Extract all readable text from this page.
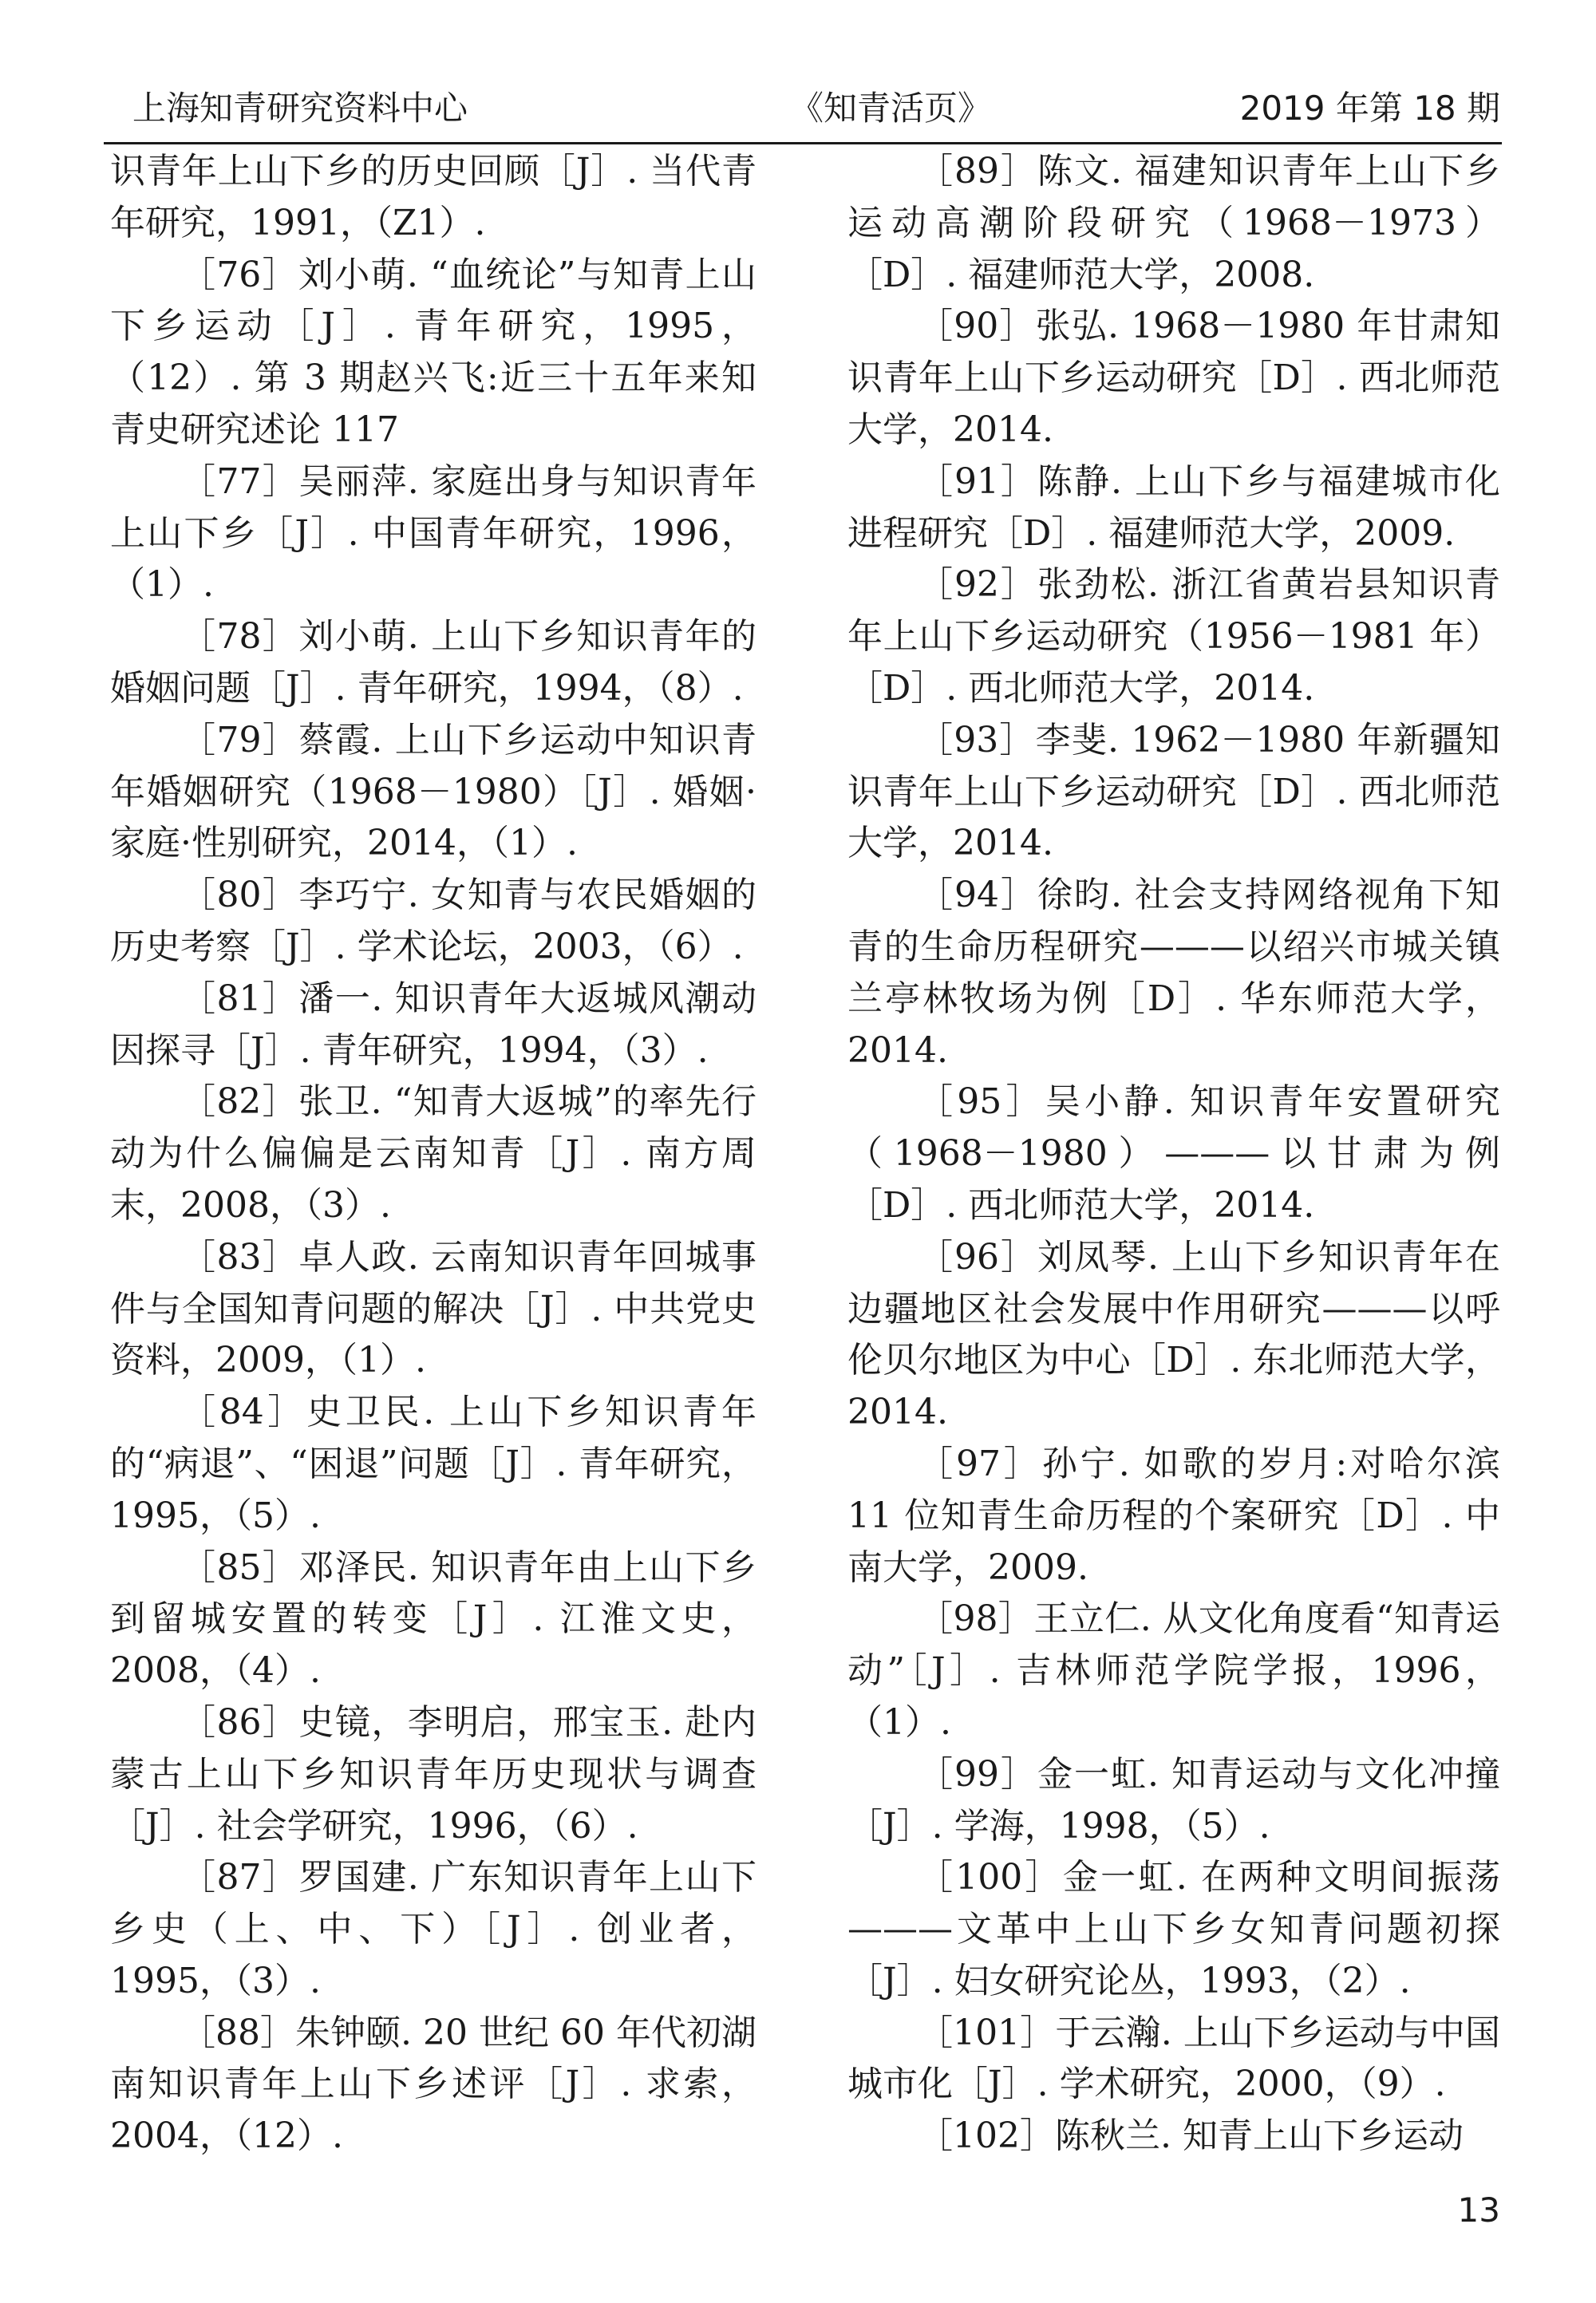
上海知青研究资料中心	《知青活页》	2019 年第 18 期

识青年上山下乡的历史回顾［J］. 当代青年研究，1991，（Z1）.

［76］刘小萌. “血统论”与知青上山下乡运动［J］. 青年研究，1995，（12）. 第 3 期赵兴飞:近三十五年来知青史研究述论 117

［77］吴丽萍. 家庭出身与知识青年上山下乡［J］. 中国青年研究，1996，（1）.

［78］刘小萌. 上山下乡知识青年的婚姻问题［J］. 青年研究，1994，（8）.

［79］蔡霞. 上山下乡运动中知识青年婚姻研究（1968－1980）［J］. 婚姻·家庭·性别研究，2014，（1）.

［80］李巧宁. 女知青与农民婚姻的历史考察［J］. 学术论坛，2003，（6）.

［81］潘一. 知识青年大返城风潮动因探寻［J］. 青年研究，1994，（3）.

［82］张卫. “知青大返城”的率先行动为什么偏偏是云南知青［J］. 南方周末，2008，（3）.

［83］卓人政. 云南知识青年回城事件与全国知青问题的解决［J］. 中共党史资料，2009，（1）.

［84］史卫民. 上山下乡知识青年的“病退”、“困退”问题［J］. 青年研究，1995，（5）.

［85］邓泽民. 知识青年由上山下乡到留城安置的转变［J］. 江淮文史，2008，（4）.

［86］史镜，李明启，邢宝玉. 赴内蒙古上山下乡知识青年历史现状与调查［J］. 社会学研究，1996，（6）.

［87］罗国建. 广东知识青年上山下乡史（上、中、下）［J］. 创业者，1995，（3）.

［88］朱钟颐. 20 世纪 60 年代初湖南知识青年上山下乡述评［J］. 求索，2004，（12）.

［89］陈文. 福建知识青年上山下乡运动高潮阶段研究（1968－1973）［D］. 福建师范大学，2008.

［90］张弘. 1968－1980 年甘肃知识青年上山下乡运动研究［D］. 西北师范大学，2014.

［91］陈静. 上山下乡与福建城市化进程研究［D］. 福建师范大学，2009.

［92］张劲松. 浙江省黄岩县知识青年上山下乡运动研究（1956－1981 年）［D］. 西北师范大学，2014.

［93］李斐. 1962－1980 年新疆知识青年上山下乡运动研究［D］. 西北师范大学，2014.

［94］徐昀. 社会支持网络视角下知青的生命历程研究———以绍兴市城关镇兰亭林牧场为例［D］. 华东师范大学，2014.

［95］吴小静. 知识青年安置研究（1968－1980）———以甘肃为例［D］. 西北师范大学，2014.

［96］刘凤琴. 上山下乡知识青年在边疆地区社会发展中作用研究———以呼伦贝尔地区为中心［D］. 东北师范大学，2014.

［97］孙宁. 如歌的岁月:对哈尔滨 11 位知青生命历程的个案研究［D］. 中南大学，2009.

［98］王立仁. 从文化角度看“知青运动”［J］. 吉林师范学院学报，1996，（1）.

［99］金一虹. 知青运动与文化冲撞［J］. 学海，1998，（5）.

［100］金一虹. 在两种文明间振荡———文革中上山下乡女知青问题初探［J］. 妇女研究论丛，1993，（2）.

［101］于云瀚. 上山下乡运动与中国城市化［J］. 学术研究，2000，（9）.

［102］陈秋兰. 知青上山下乡运动

13
